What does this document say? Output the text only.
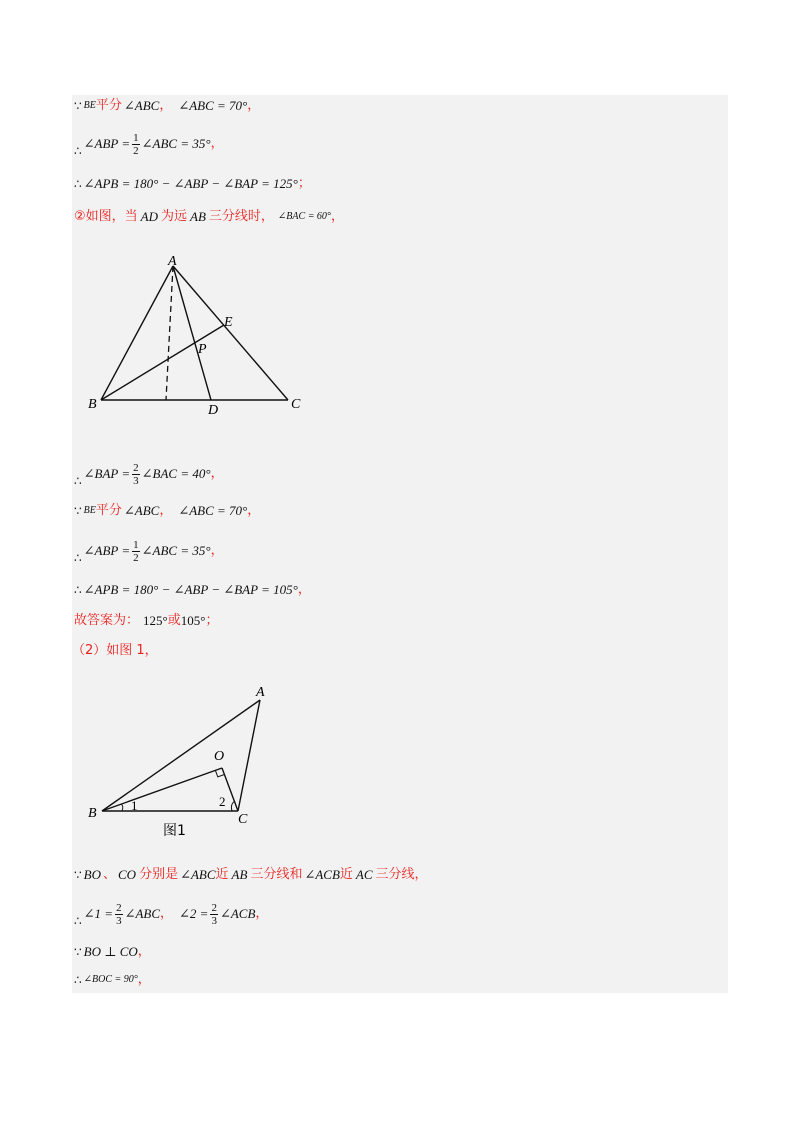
∵ BE 平分 ∠ABC ， ∠ABC = 70° ，
∴ ∠ABP = $\frac{1}{2}$ ∠ABC = 35° ，
∴ ∠APB = 180° − ∠ABP − ∠BAP = 125° ；
②如图，当 AD 为远 AB 三分线时， ∠BAC = 60° ，
A
B	C
D
E
P
∴ ∠BAP = $\frac{2}{3}$ ∠BAC = 40° ，
∵ BE 平分 ∠ABC ， ∠ABC = 70° ，
∴ ∠ABP = $\frac{1}{2}$ ∠ABC = 35° ，
∴ ∠APB = 180° − ∠ABP − ∠BAP = 105° ，
故答案为： 125° 或 105° ；
（2）如图 1，
A
B	C
O
1	2
图1
∵ BO 、 CO 分别是 ∠ABC 近 AB 三分线和 ∠ACB 近 AC 三分线，
∴ ∠1 = $\frac{2}{3}$ ∠ABC ， ∠2 = $\frac{2}{3}$ ∠ACB ，
∵ BO ⊥ CO ，
∴ ∠BOC = 90° ，
